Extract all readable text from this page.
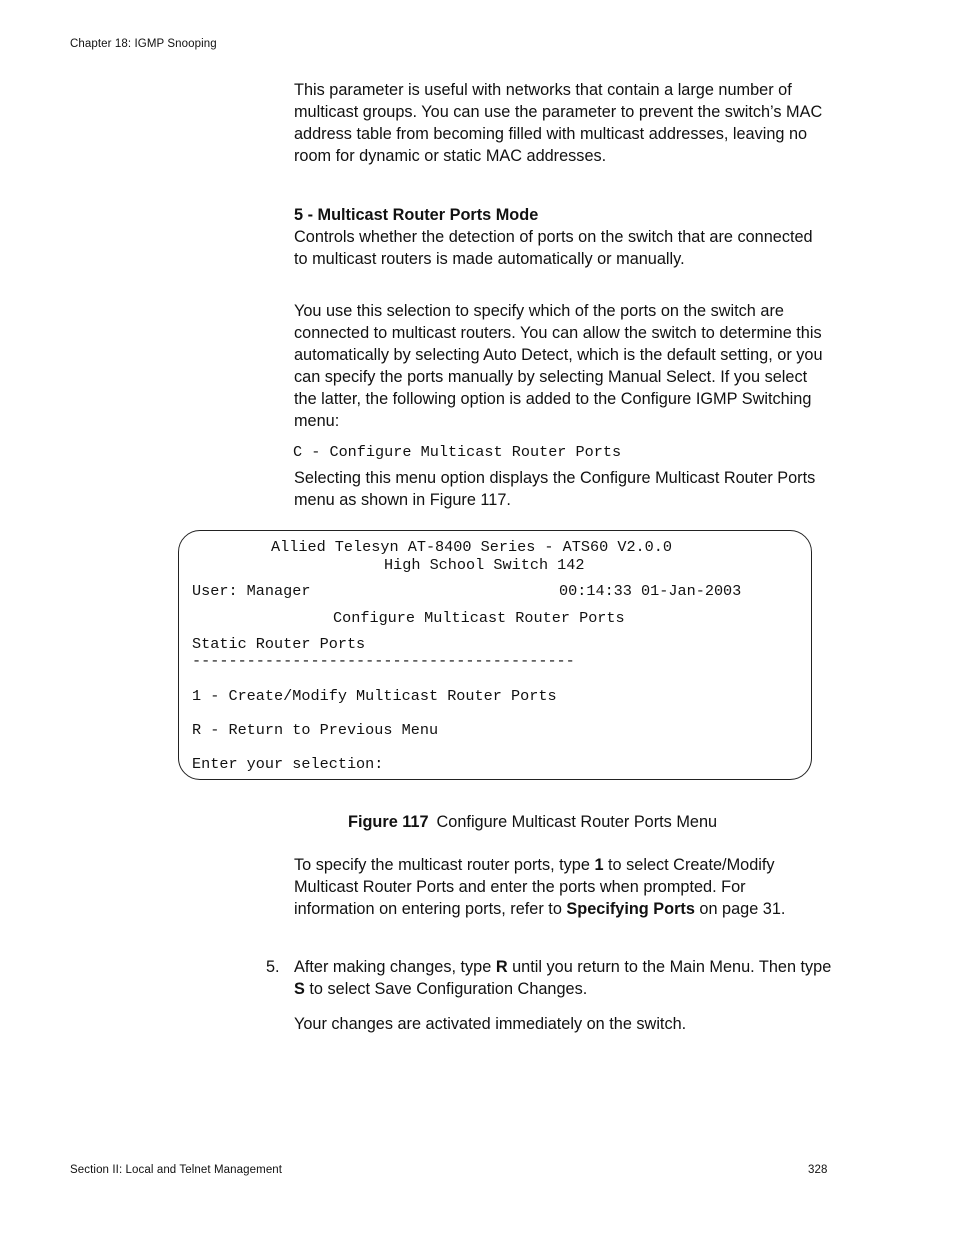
Chapter 18: IGMP Snooping

This parameter is useful with networks that contain a large number of multicast groups. You can use the parameter to prevent the switch’s MAC address table from becoming filled with multicast addresses, leaving no room for dynamic or static MAC addresses.

5 - Multicast Router Ports Mode

Controls whether the detection of ports on the switch that are connected to multicast routers is made automatically or manually.

You use this selection to specify which of the ports on the switch are connected to multicast routers. You can allow the switch to determine this automatically by selecting Auto Detect, which is the default setting, or you can specify the ports manually by selecting Manual Select. If you select the latter, the following option is added to the Configure IGMP Switching menu:

C - Configure Multicast Router Ports

Selecting this menu option displays the Configure Multicast Router Ports menu as shown in Figure 117.

Allied Telesyn AT-8400 Series - ATS60 V2.0.0
High School Switch 142
User: Manager	00:14:33 01-Jan-2003
Configure Multicast Router Ports
Static Router Ports
------------------------------------------
1 - Create/Modify Multicast Router Ports
R - Return to Previous Menu
Enter your selection:
Figure 117 Configure Multicast Router Ports Menu

To specify the multicast router ports, type 1 to select Create/Modify Multicast Router Ports and enter the ports when prompted. For information on entering ports, refer to Specifying Ports on page 31.

5. After making changes, type R until you return to the Main Menu. Then type S to select Save Configuration Changes.

Your changes are activated immediately on the switch.

Section II: Local and Telnet Management	328
